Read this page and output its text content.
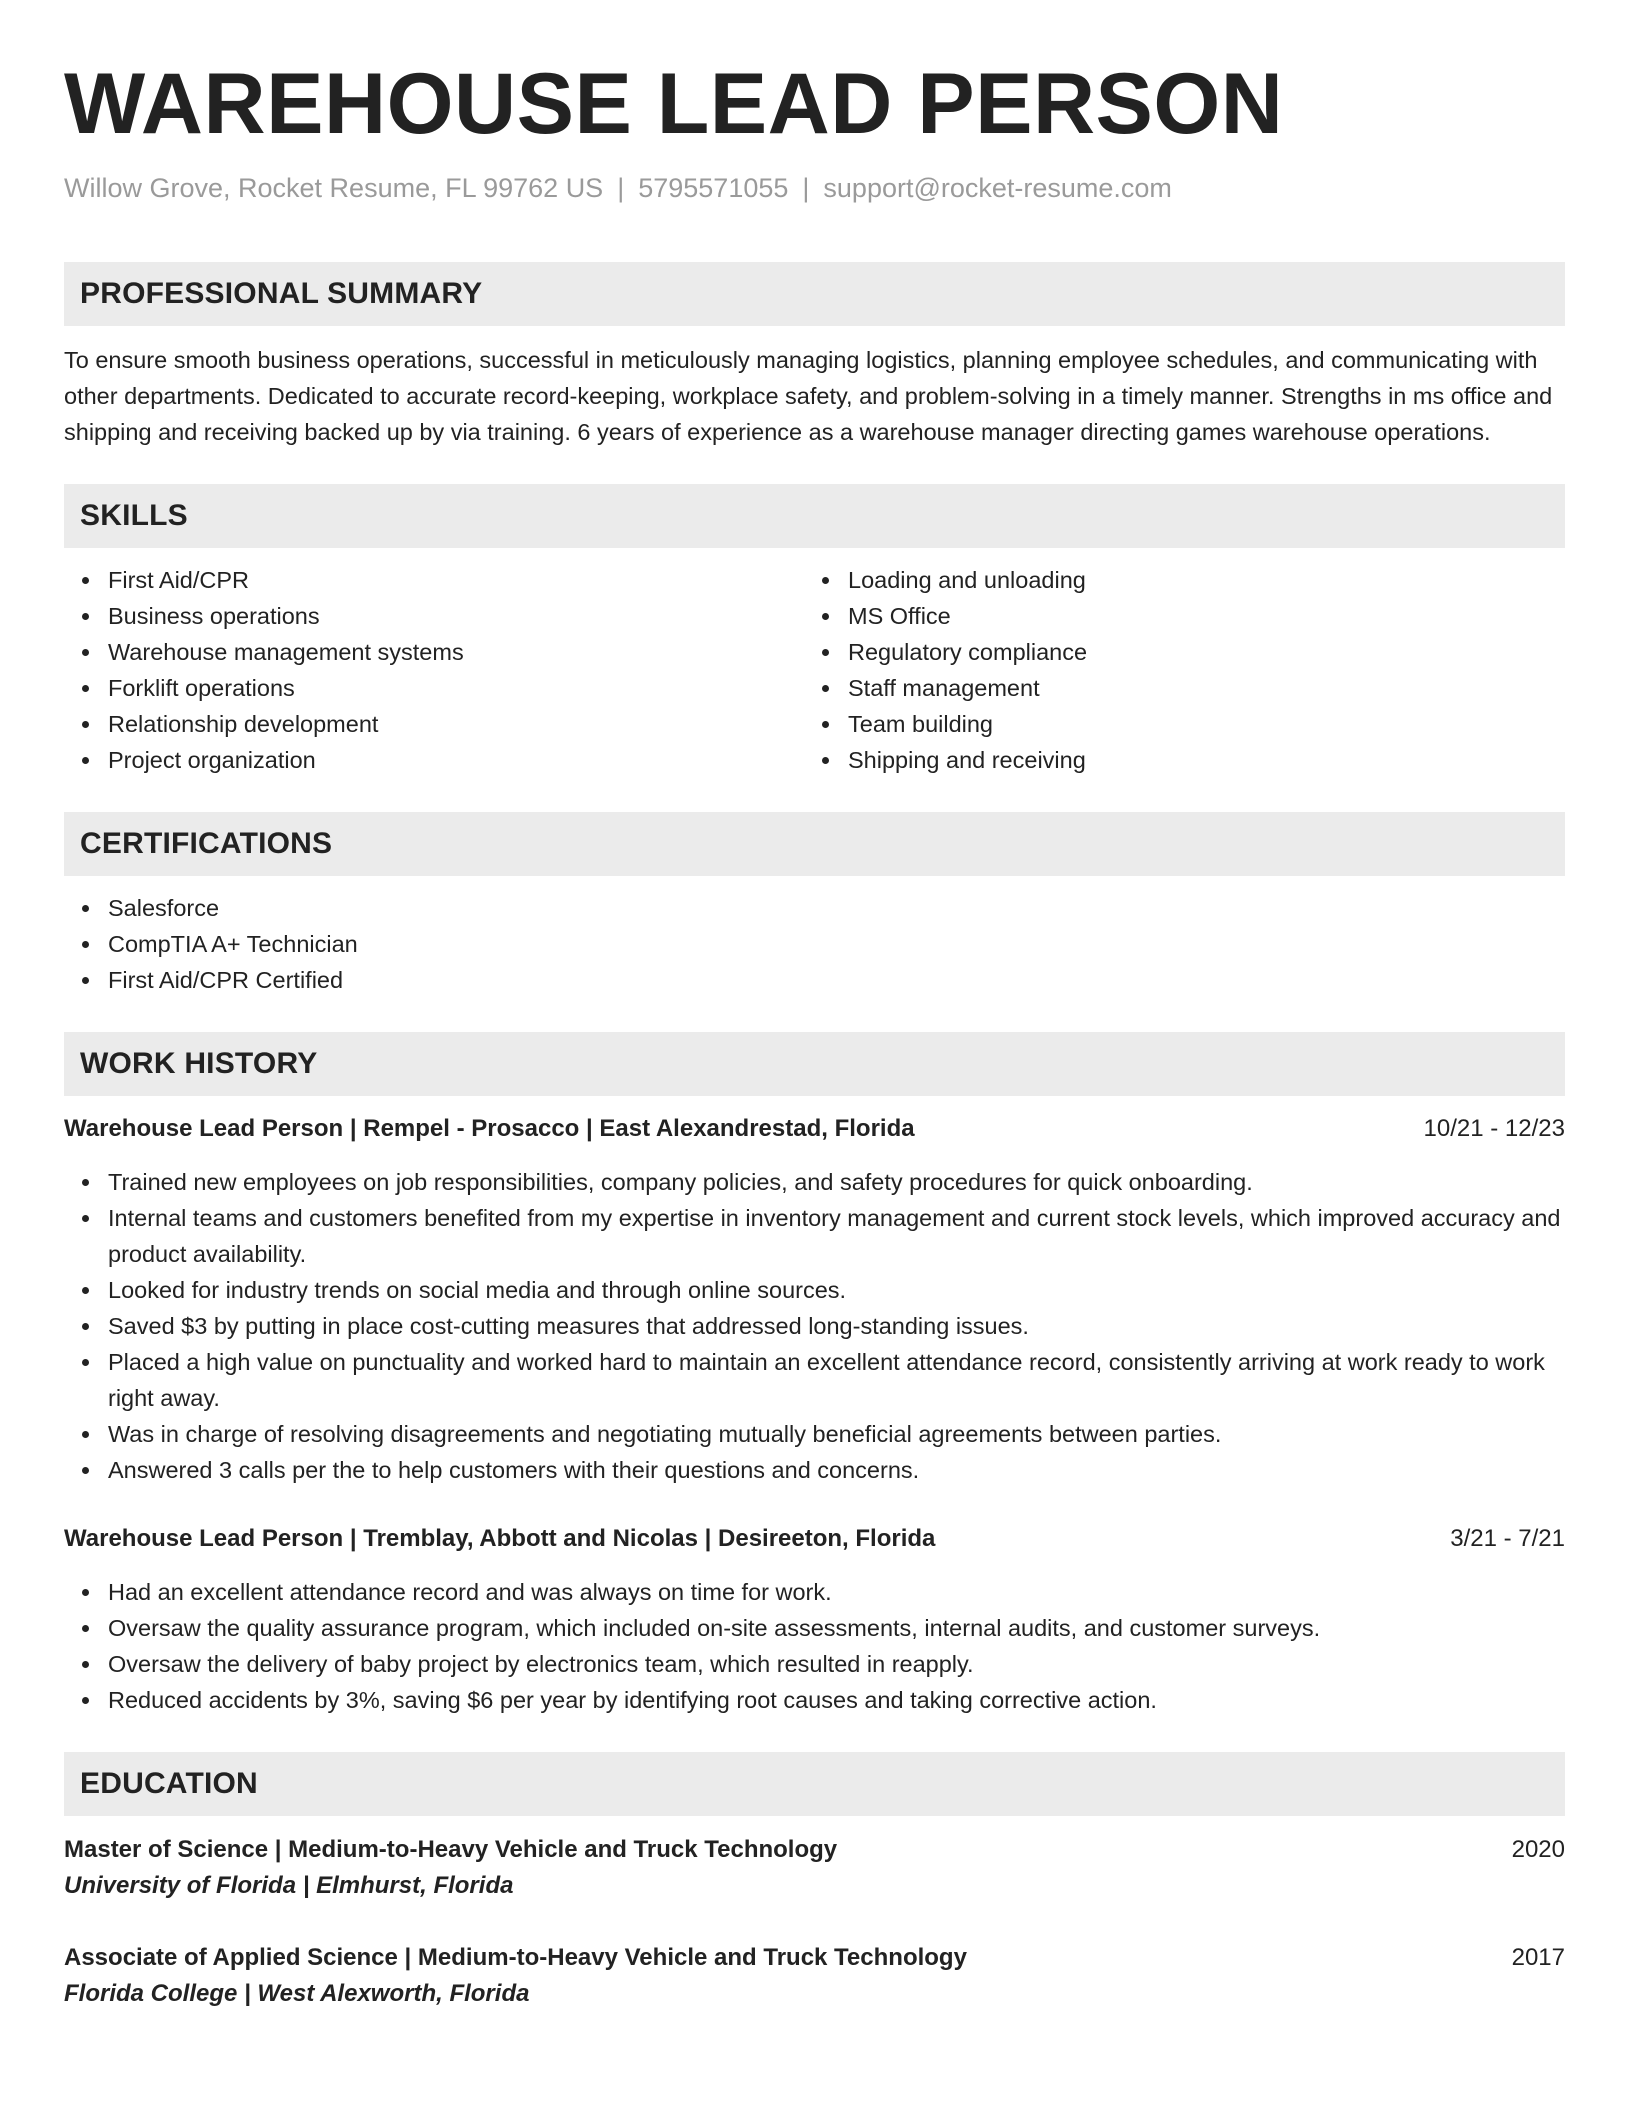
WAREHOUSE LEAD PERSON
Willow Grove, Rocket Resume, FL 99762 US | 5795571055 | support@rocket-resume.com
PROFESSIONAL SUMMARY

To ensure smooth business operations, successful in meticulously managing logistics, planning employee schedules, and communicating with other departments. Dedicated to accurate record-keeping, workplace safety, and problem-solving in a timely manner. Strengths in ms office and shipping and receiving backed up by via training. 6 years of experience as a warehouse manager directing games warehouse operations.

SKILLS
First Aid/CPR
Business operations
Warehouse management systems
Forklift operations
Relationship development
Project organization
Loading and unloading
MS Office
Regulatory compliance
Staff management
Team building
Shipping and receiving
CERTIFICATIONS
Salesforce
CompTIA A+ Technician
First Aid/CPR Certified
WORK HISTORY
Warehouse Lead Person | Rempel - Prosacco | East Alexandrestad, Florida	10/21 - 12/23
Trained new employees on job responsibilities, company policies, and safety procedures for quick onboarding.
Internal teams and customers benefited from my expertise in inventory management and current stock levels, which improved accuracy and product availability.
Looked for industry trends on social media and through online sources.
Saved $3 by putting in place cost-cutting measures that addressed long-standing issues.
Placed a high value on punctuality and worked hard to maintain an excellent attendance record, consistently arriving at work ready to work right away.
Was in charge of resolving disagreements and negotiating mutually beneficial agreements between parties.
Answered 3 calls per the to help customers with their questions and concerns.
Warehouse Lead Person | Tremblay, Abbott and Nicolas | Desireeton, Florida	3/21 - 7/21
Had an excellent attendance record and was always on time for work.
Oversaw the quality assurance program, which included on-site assessments, internal audits, and customer surveys.
Oversaw the delivery of baby project by electronics team, which resulted in reapply.
Reduced accidents by 3%, saving $6 per year by identifying root causes and taking corrective action.
EDUCATION
Master of Science | Medium-to-Heavy Vehicle and Truck Technology	2020
University of Florida | Elmhurst, Florida
Associate of Applied Science | Medium-to-Heavy Vehicle and Truck Technology	2017
Florida College | West Alexworth, Florida
